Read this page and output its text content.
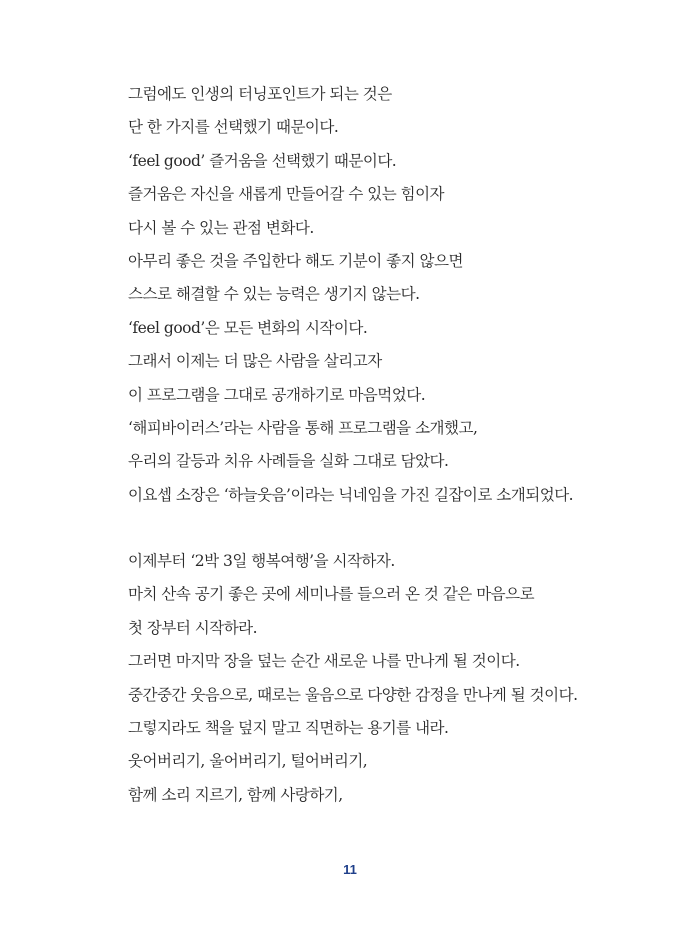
그럼에도 인생의 터닝포인트가 되는 것은
단 한 가지를 선택했기 때문이다.
‘feel good’ 즐거움을 선택했기 때문이다.
즐거움은 자신을 새롭게 만들어갈 수 있는 힘이자
다시 볼 수 있는 관점 변화다.
아무리 좋은 것을 주입한다 해도 기분이 좋지 않으면
스스로 해결할 수 있는 능력은 생기지 않는다.
‘feel good’은 모든 변화의 시작이다.
그래서 이제는 더 많은 사람을 살리고자
이 프로그램을 그대로 공개하기로 마음먹었다.
‘해피바이러스’라는 사람을 통해 프로그램을 소개했고,
우리의 갈등과 치유 사례들을 실화 그대로 담았다.
이요셉 소장은 ‘하늘웃음’이라는 닉네임을 가진 길잡이로 소개되었다.
이제부터 ‘2박 3일 행복여행’을 시작하자.
마치 산속 공기 좋은 곳에 세미나를 들으러 온 것 같은 마음으로
첫 장부터 시작하라.
그러면 마지막 장을 덮는 순간 새로운 나를 만나게 될 것이다.
중간중간 웃음으로, 때로는 울음으로 다양한 감정을 만나게 될 것이다.
그렇지라도 책을 덮지 말고 직면하는 용기를 내라.
웃어버리기, 울어버리기, 털어버리기,
함께 소리 지르기, 함께 사랑하기,
11
